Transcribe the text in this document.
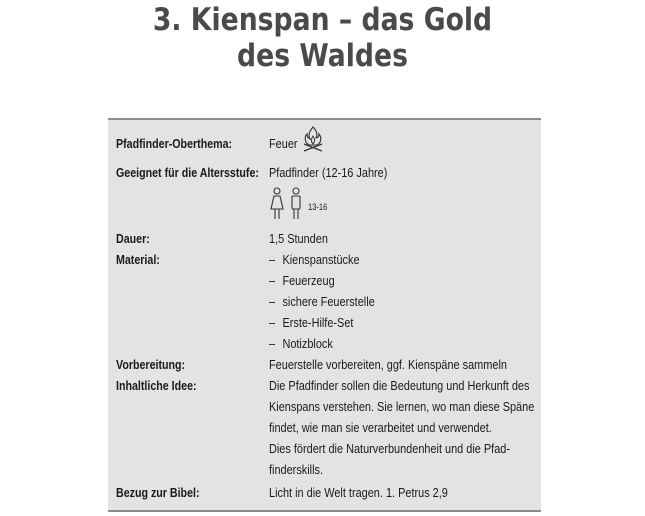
3. Kienspan – das Gold
des Waldes
Pfadfinder-Oberthema:	Feuer
Geeignet für die Altersstufe: Pfadfinder (12-16 Jahre)
13-16
Dauer:	1,5 Stunden
Material:	– Kienspanstücke
– Feuerzeug
– sichere Feuerstelle
– Erste-Hilfe-Set
– Notizblock
Vorbereitung:	Feuerstelle vorbereiten, ggf. Kienspäne sammeln
Inhaltliche Idee:	Die Pfadfinder sollen die Bedeutung und Herkunft des
Kienspans verstehen. Sie lernen, wo man diese Späne
findet, wie man sie verarbeitet und verwendet.
Dies fördert die Naturverbundenheit und die Pfad-
finderskills.
Bezug zur Bibel:	Licht in die Welt tragen. 1. Petrus 2,9
